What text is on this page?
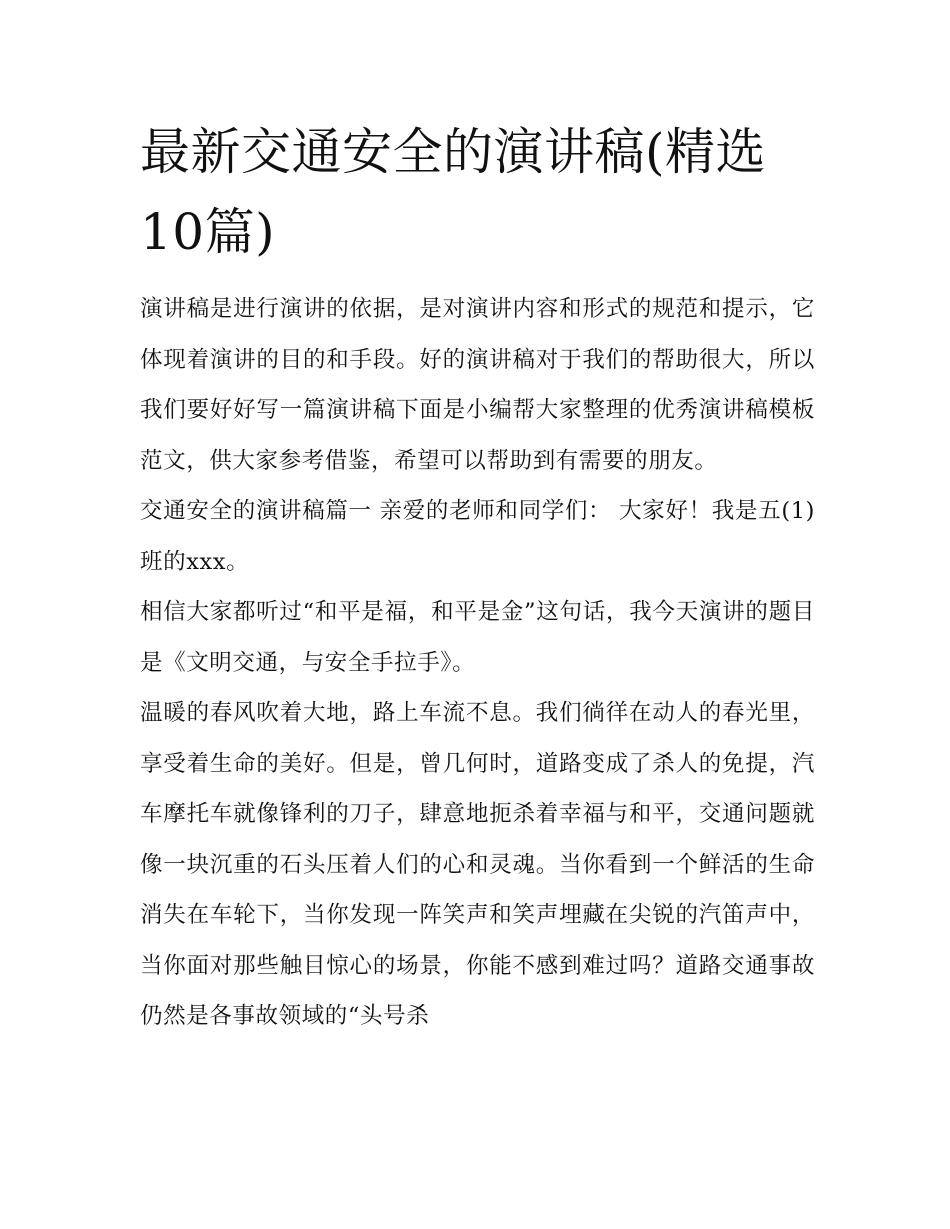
最新交通安全的演讲稿(精选10篇)

演讲稿是进行演讲的依据，是对演讲内容和形式的规范和提示，它体现着演讲的目的和手段。好的演讲稿对于我们的帮助很大，所以我们要好好写一篇演讲稿下面是小编帮大家整理的优秀演讲稿模板范文，供大家参考借鉴，希望可以帮助到有需要的朋友。

交通安全的演讲稿篇一 亲爱的老师和同学们： 大家好！我是五(1)班的xxx。

相信大家都听过“和平是福，和平是金”这句话，我今天演讲的题目是《文明交通，与安全手拉手》。

温暖的春风吹着大地，路上车流不息。我们徜徉在动人的春光里，享受着生命的美好。但是，曾几何时，道路变成了杀人的免提，汽车摩托车就像锋利的刀子，肆意地扼杀着幸福与和平，交通问题就像一块沉重的石头压着人们的心和灵魂。当你看到一个鲜活的生命消失在车轮下，当你发现一阵笑声和笑声埋藏在尖锐的汽笛声中，当你面对那些触目惊心的场景，你能不感到难过吗？道路交通事故仍然是各事故领域的“头号杀
